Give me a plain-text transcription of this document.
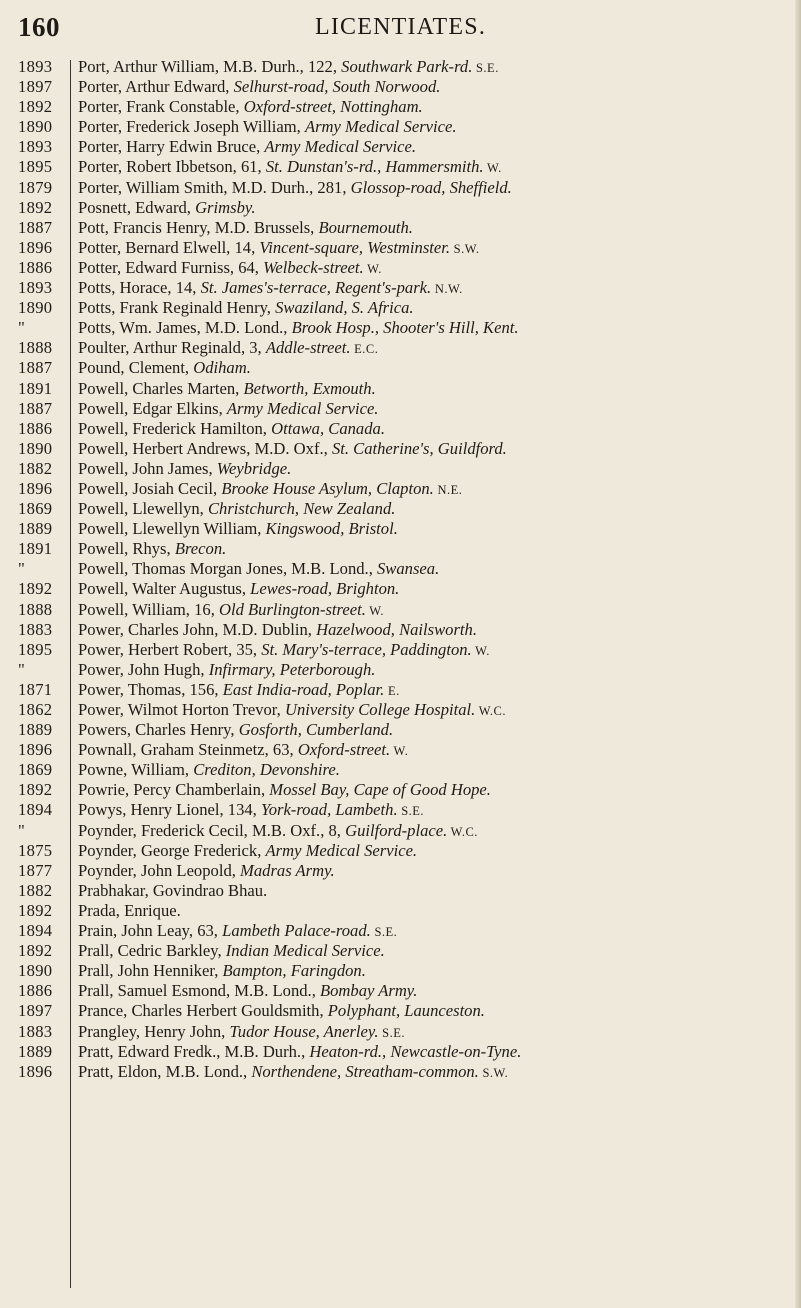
160	LICENTIATES.
1893	Port, Arthur William, M.B. Durh., 122, Southwark Park-rd. S.E.
1897	Porter, Arthur Edward, Selhurst-road, South Norwood.
1892	Porter, Frank Constable, Oxford-street, Nottingham.
1890	Porter, Frederick Joseph William, Army Medical Service.
1893	Porter, Harry Edwin Bruce, Army Medical Service.
1895	Porter, Robert Ibbetson, 61, St. Dunstan's-rd., Hammersmith. W.
1879	Porter, William Smith, M.D. Durh., 281, Glossop-road, Sheffield.
1892	Posnett, Edward, Grimsby.
1887	Pott, Francis Henry, M.D. Brussels, Bournemouth.
1896	Potter, Bernard Elwell, 14, Vincent-square, Westminster. S.W.
1886	Potter, Edward Furniss, 64, Welbeck-street. W.
1893	Potts, Horace, 14, St. James's-terrace, Regent's-park. N.W.
1890	Potts, Frank Reginald Henry, Swaziland, S. Africa.
"	Potts, Wm. James, M.D. Lond., Brook Hosp., Shooter's Hill, Kent.
1888	Poulter, Arthur Reginald, 3, Addle-street. E.C.
1887	Pound, Clement, Odiham.
1891	Powell, Charles Marten, Betworth, Exmouth.
1887	Powell, Edgar Elkins, Army Medical Service.
1886	Powell, Frederick Hamilton, Ottawa, Canada.
1890	Powell, Herbert Andrews, M.D. Oxf., St. Catherine's, Guildford.
1882	Powell, John James, Weybridge.
1896	Powell, Josiah Cecil, Brooke House Asylum, Clapton. N.E.
1869	Powell, Llewellyn, Christchurch, New Zealand.
1889	Powell, Llewellyn William, Kingswood, Bristol.
1891	Powell, Rhys, Brecon.
"	Powell, Thomas Morgan Jones, M.B. Lond., Swansea.
1892	Powell, Walter Augustus, Lewes-road, Brighton.
1888	Powell, William, 16, Old Burlington-street. W.
1883	Power, Charles John, M.D. Dublin, Hazelwood, Nailsworth.
1895	Power, Herbert Robert, 35, St. Mary's-terrace, Paddington. W.
"	Power, John Hugh, Infirmary, Peterborough.
1871	Power, Thomas, 156, East India-road, Poplar. E.
1862	Power, Wilmot Horton Trevor, University College Hospital. W.C.
1889	Powers, Charles Henry, Gosforth, Cumberland.
1896	Pownall, Graham Steinmetz, 63, Oxford-street. W.
1869	Powne, William, Crediton, Devonshire.
1892	Powrie, Percy Chamberlain, Mossel Bay, Cape of Good Hope.
1894	Powys, Henry Lionel, 134, York-road, Lambeth. S.E.
"	Poynder, Frederick Cecil, M.B. Oxf., 8, Guilford-place. W.C.
1875	Poynder, George Frederick, Army Medical Service.
1877	Poynder, John Leopold, Madras Army.
1882	Prabhakar, Govindrao Bhau.
1892	Prada, Enrique.
1894	Prain, John Leay, 63, Lambeth Palace-road. S.E.
1892	Prall, Cedric Barkley, Indian Medical Service.
1890	Prall, John Henniker, Bampton, Faringdon.
1886	Prall, Samuel Esmond, M.B. Lond., Bombay Army.
1897	Prance, Charles Herbert Gouldsmith, Polyphant, Launceston.
1883	Prangley, Henry John, Tudor House, Anerley. S.E.
1889	Pratt, Edward Fredk., M.B. Durh., Heaton-rd., Newcastle-on-Tyne.
1896	Pratt, Eldon, M.B. Lond., Northendene, Streatham-common. S.W.
